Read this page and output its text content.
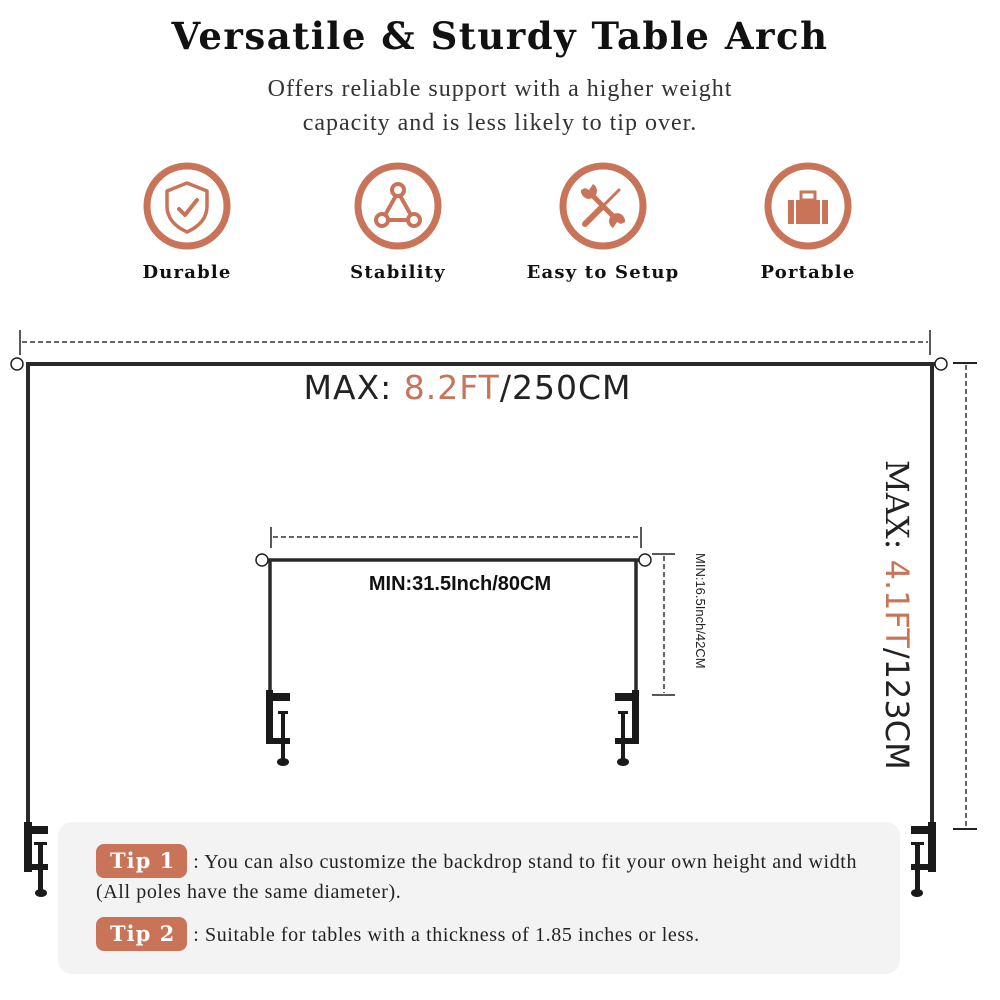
Versatile & Sturdy Table Arch
Offers reliable support with a higher weight
capacity and is less likely to tip over.
Durable	Stability	Easy to Setup	Portable
MAX: 8.2FT/250CM
MAX: 4.1FT/123CM
MIN:31.5Inch/80CM	MIN:16.5Inch/42CM
Tip 1 : You can also customize the backdrop stand to fit your own height and width (All poles have the same diameter).
Tip 2 : Suitable for tables with a thickness of 1.85 inches or less.
